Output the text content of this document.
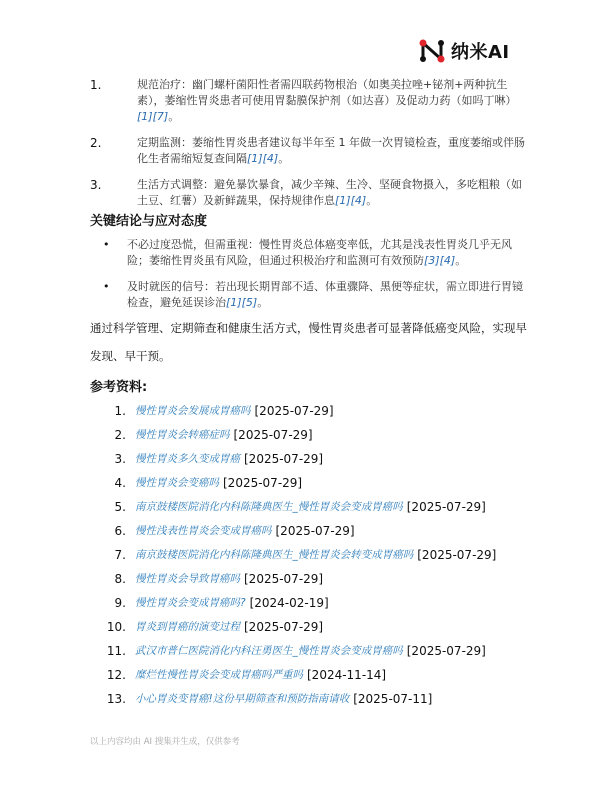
纳米AI
1.	规范治疗：幽门螺杆菌阳性者需四联药物根治（如奥美拉唑+铋剂+两种抗生素），萎缩性胃炎患者可使用胃黏膜保护剂（如达喜）及促动力药（如吗丁啉）[1][7]。
2.	定期监测：萎缩性胃炎患者建议每半年至 1 年做一次胃镜检查，重度萎缩或伴肠化生者需缩短复查间隔[1][4]。
3.	生活方式调整：避免暴饮暴食，减少辛辣、生冷、坚硬食物摄入，多吃粗粮（如土豆、红薯）及新鲜蔬果，保持规律作息[1][4]。
关键结论与应对态度
• 不必过度恐慌，但需重视：慢性胃炎总体癌变率低，尤其是浅表性胃炎几乎无风险；萎缩性胃炎虽有风险，但通过积极治疗和监测可有效预防[3][4]。
• 及时就医的信号：若出现长期胃部不适、体重骤降、黑便等症状，需立即进行胃镜检查，避免延误诊治[1][5]。

通过科学管理、定期筛查和健康生活方式，慢性胃炎患者可显著降低癌变风险，实现早发现、早干预。

参考资料:
1. 慢性胃炎会发展成胃癌吗 [2025-07-29]
2. 慢性胃炎会转癌症吗 [2025-07-29]
3. 慢性胃炎多久变成胃癌 [2025-07-29]
4. 慢性胃炎会变癌吗 [2025-07-29]
5. 南京鼓楼医院消化内科陈隆典医生_慢性胃炎会变成胃癌吗 [2025-07-29]
6. 慢性浅表性胃炎会变成胃癌吗 [2025-07-29]
7. 南京鼓楼医院消化内科陈隆典医生_慢性胃炎会转变成胃癌吗 [2025-07-29]
8. 慢性胃炎会导致胃癌吗 [2025-07-29]
9. 慢性胃炎会变成胃癌吗? [2024-02-19]
10. 胃炎到胃癌的演变过程 [2025-07-29]
11. 武汉市普仁医院消化内科汪勇医生_慢性胃炎会变成胃癌吗 [2025-07-29]
12. 糜烂性慢性胃炎会变成胃癌吗严重吗 [2024-11-14]
13. 小心胃炎变胃癌!这份早期筛查和预防指南请收 [2025-07-11]
以上内容均由 AI 搜集并生成，仅供参考
